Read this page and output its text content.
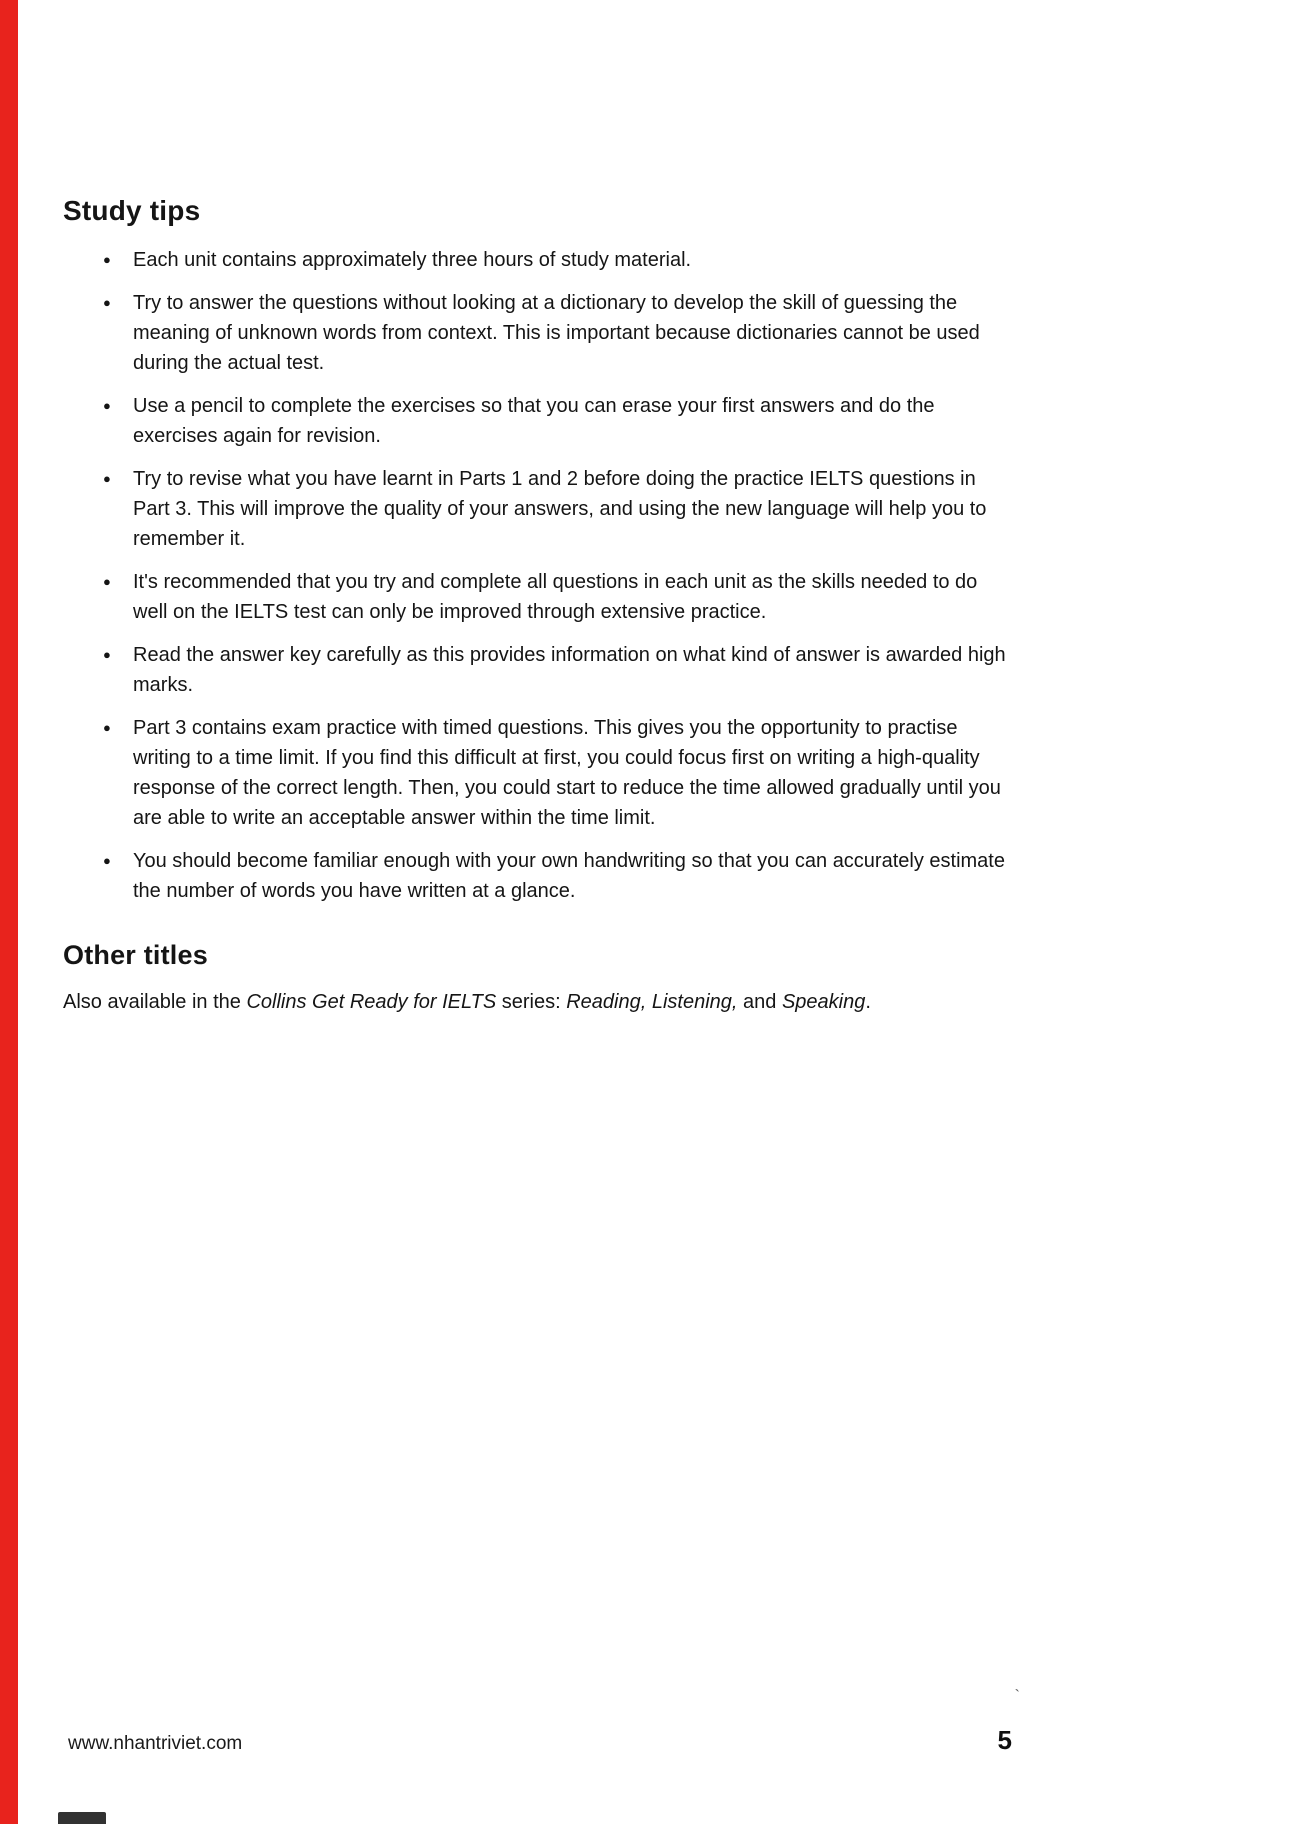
Study tips
● Each unit contains approximately three hours of study material.
● Try to answer the questions without looking at a dictionary to develop the skill of guessing the meaning of unknown words from context. This is important because dictionaries cannot be used during the actual test.
● Use a pencil to complete the exercises so that you can erase your first answers and do the exercises again for revision.
● Try to revise what you have learnt in Parts 1 and 2 before doing the practice IELTS questions in Part 3. This will improve the quality of your answers, and using the new language will help you to remember it.
● It's recommended that you try and complete all questions in each unit as the skills needed to do well on the IELTS test can only be improved through extensive practice.
● Read the answer key carefully as this provides information on what kind of answer is awarded high marks.
● Part 3 contains exam practice with timed questions. This gives you the opportunity to practise writing to a time limit. If you find this difficult at first, you could focus first on writing a high-quality response of the correct length. Then, you could start to reduce the time allowed gradually until you are able to write an acceptable answer within the time limit.
● You should become familiar enough with your own handwriting so that you can accurately estimate the number of words you have written at a glance.
Other titles

Also available in the Collins Get Ready for IELTS series: Reading, Listening, and Speaking.

`
www.nhantriviet.com	5
